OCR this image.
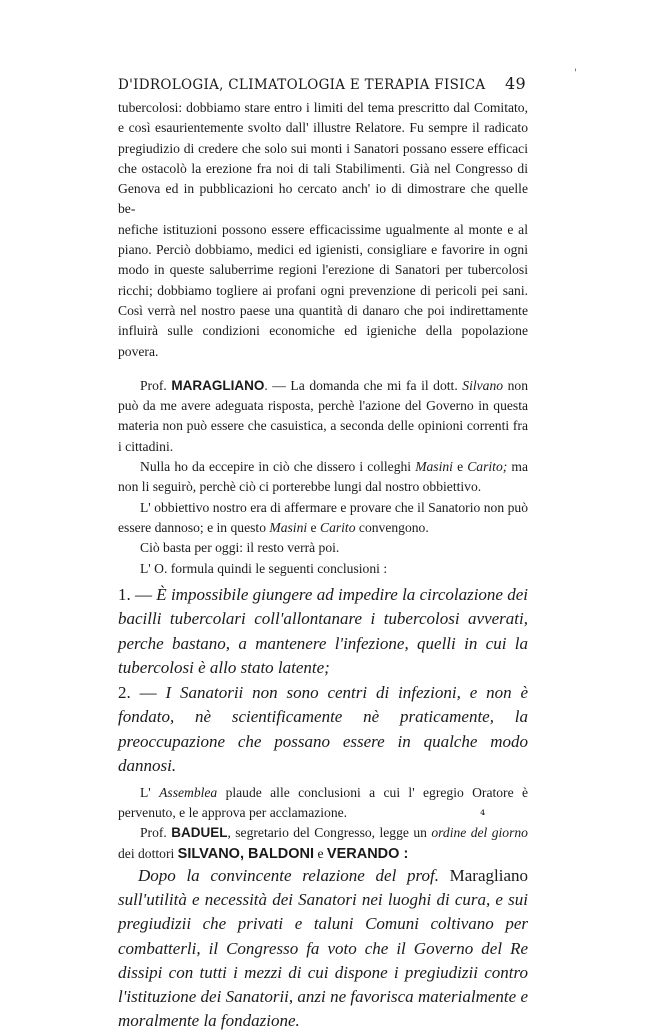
D'IDROLOGIA, CLIMATOLOGIA E TERAPIA FISICA 49
'

tubercolosi: dobbiamo stare entro i limiti del tema prescritto dal Comitato,

e così esaurientemente svolto dall' illustre Relatore. Fu sempre il radicato

pregiudizio di credere che solo sui monti i Sanatori possano essere efficaci

che ostacolò la erezione fra noi di tali Stabilimenti. Già nel Congresso di

Genova ed in pubblicazioni ho cercato anch' io di dimostrare che quelle be-

nefiche istituzioni possono essere efficacissime ugualmente al monte e al

piano. Perciò dobbiamo, medici ed igienisti, consigliare e favorire in ogni

modo in queste saluberrime regioni l'erezione di Sanatori per tubercolosi

ricchi; dobbiamo togliere ai profani ogni prevenzione di pericoli pei sani.

Così verrà nel nostro paese una quantità di danaro che poi indirettamente

influirà sulle condizioni economiche ed igieniche della popolazione povera.

Prof. MARAGLIANO. — La domanda che mi fa il dott. Silvano non può da me avere adeguata risposta, perchè l'azione del Governo in questa materia non può essere che casuistica, a seconda delle opinioni correnti fra i cittadini.

Nulla ho da eccepire in ciò che dissero i colleghi Masini e Carito; ma non li seguirò, perchè ciò ci porterebbe lungi dal nostro obbiettivo.

L' obbiettivo nostro era di affermare e provare che il Sanatorio non può essere dannoso; e in questo Masini e Carito convengono.

Ciò basta per oggi: il resto verrà poi.

L' O. formula quindi le seguenti conclusioni :

1. — È impossibile giungere ad impedire la circolazione dei bacilli tubercolari coll'allontanare i tubercolosi avverati, perche bastano, a mantenere l'infezione, quelli in cui la tubercolosi è allo stato latente;

2. — I Sanatorii non sono centri di infezioni, e non è fondato, nè scientificamente nè praticamente, la preoccupazione che possano essere in qualche modo dannosi.

L' Assemblea plaude alle conclusioni a cui l' egregio Oratore è pervenuto, e le approva per acclamazione.

Prof. BADUEL, segretario del Congresso, legge un ordine del giorno dei dottori SILVANO, BALDONI e VERANDO :

Dopo la convincente relazione del prof. Maragliano sull'utilità e necessità dei Sanatori nei luoghi di cura, e sui pregiudizii che privati e taluni Comuni coltivano per combatterli, il Congresso fa voto che il Governo del Re dissipi con tutti i mezzi di cui dispone i pregiudizii contro l'istituzione dei Sanatorii, anzi ne favorisca materialmente e moralmente la fondazione.

⁴
